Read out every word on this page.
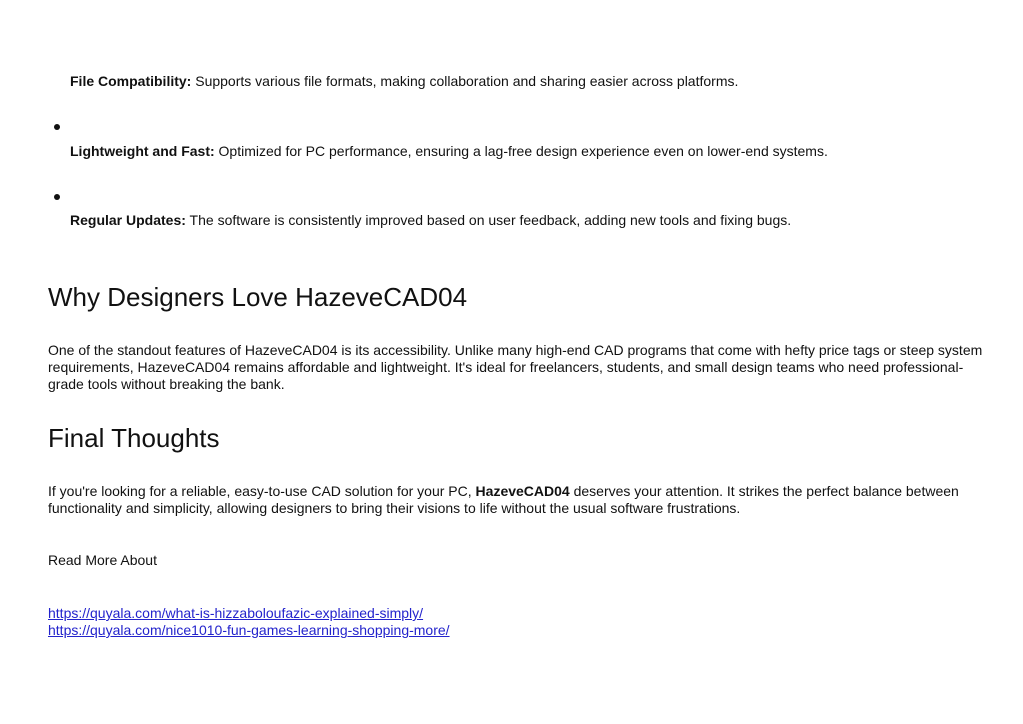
File Compatibility: Supports various file formats, making collaboration and sharing easier across platforms.
Lightweight and Fast: Optimized for PC performance, ensuring a lag-free design experience even on lower-end systems.
Regular Updates: The software is consistently improved based on user feedback, adding new tools and fixing bugs.
Why Designers Love HazeveCAD04

One of the standout features of HazeveCAD04 is its accessibility. Unlike many high-end CAD programs that come with hefty price tags or steep system requirements, HazeveCAD04 remains affordable and lightweight. It's ideal for freelancers, students, and small design teams who need professional-grade tools without breaking the bank.

Final Thoughts

If you're looking for a reliable, easy-to-use CAD solution for your PC, HazeveCAD04 deserves your attention. It strikes the perfect balance between functionality and simplicity, allowing designers to bring their visions to life without the usual software frustrations.

Read More About
https://quyala.com/what-is-hizzaboloufazic-explained-simply/
https://quyala.com/nice1010-fun-games-learning-shopping-more/
